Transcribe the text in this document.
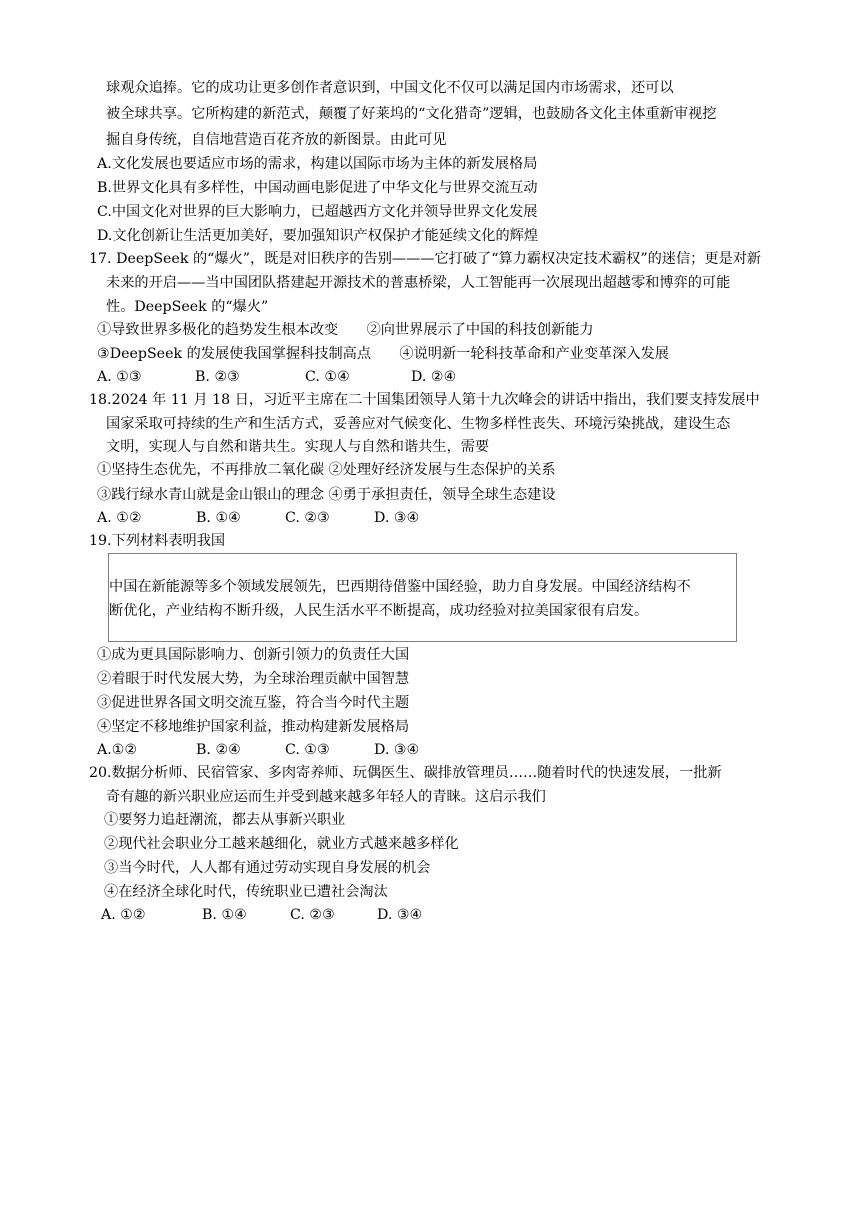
球观众追捧。它的成功让更多创作者意识到，中国文化不仅可以满足国内市场需求，还可以
被全球共享。它所构建的新范式，颠覆了好莱坞的“文化猎奇”逻辑，也鼓励各文化主体重新审视挖
掘自身传统，自信地营造百花齐放的新图景。由此可见
A.文化发展也要适应市场的需求，构建以国际市场为主体的新发展格局
B.世界文化具有多样性，中国动画电影促进了中华文化与世界交流互动
C.中国文化对世界的巨大影响力，已超越西方文化并领导世界文化发展
D.文化创新让生活更加美好，要加强知识产权保护才能延续文化的辉煌
17. DeepSeek 的“爆火”，既是对旧秩序的告别———它打破了“算力霸权决定技术霸权”的迷信；更是对新
未来的开启——当中国团队搭建起开源技术的普惠桥梁，人工智能再一次展现出超越零和博弈的可能
性。DeepSeek 的“爆火”
①导致世界多极化的趋势发生根本改变　　②向世界展示了中国的科技创新能力
③DeepSeek 的发展使我国掌握科技制高点　　④说明新一轮科技革命和产业变革深入发展
A. ①③	B. ②③	C. ①④	D. ②④
18.2024 年 11 月 18 日，习近平主席在二十国集团领导人第十九次峰会的讲话中指出，我们要支持发展中
国家采取可持续的生产和生活方式，妥善应对气候变化、生物多样性丧失、环境污染挑战，建设生态
文明，实现人与自然和谐共生。实现人与自然和谐共生，需要
①坚持生态优先，不再排放二氧化碳 ②处理好经济发展与生态保护的关系
③践行绿水青山就是金山银山的理念 ④勇于承担责任，领导全球生态建设
A. ①②	B. ①④	C. ②③	D. ③④
19.下列材料表明我国
中国在新能源等多个领域发展领先，巴西期待借鉴中国经验，助力自身发展。中国经济结构不
断优化，产业结构不断升级，人民生活水平不断提高，成功经验对拉美国家很有启发。
①成为更具国际影响力、创新引领力的负责任大国
②着眼于时代发展大势，为全球治理贡献中国智慧
③促进世界各国文明交流互鉴，符合当今时代主题
④坚定不移地维护国家利益，推动构建新发展格局
A.①②	B. ②④	C. ①③	D. ③④
20.数据分析师、民宿管家、多肉寄养师、玩偶医生、碳排放管理员……随着时代的快速发展，一批新
奇有趣的新兴职业应运而生并受到越来越多年轻人的青睐。这启示我们
①要努力追赶潮流，都去从事新兴职业
②现代社会职业分工越来越细化，就业方式越来越多样化
③当今时代，人人都有通过劳动实现自身发展的机会
④在经济全球化时代，传统职业已遭社会淘汰
A. ①②	B. ①④	C. ②③	D. ③④
